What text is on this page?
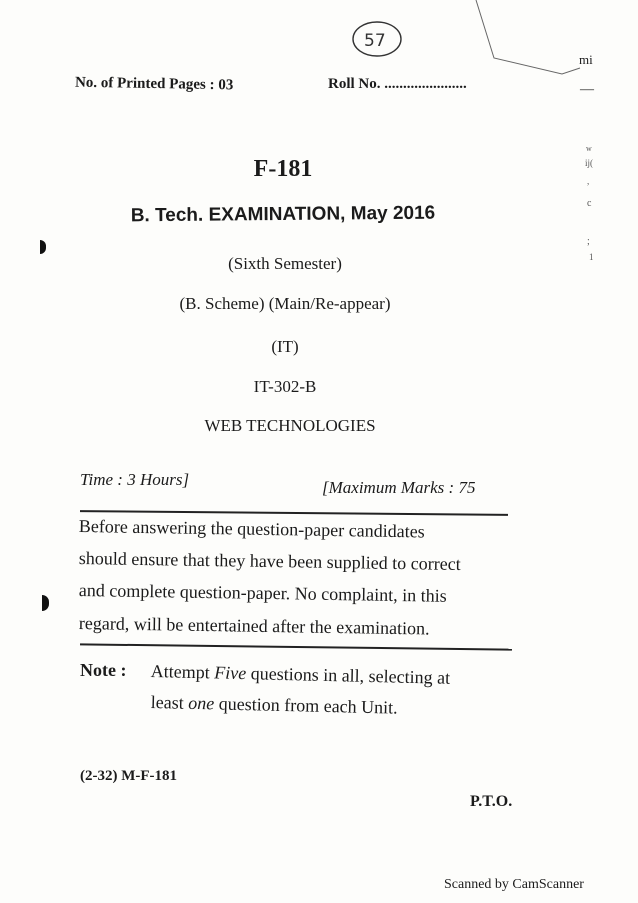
No. of Printed Pages : 03	Roll No. ......................
57
mi
—
w
ij(
,
c
;
1
F-181
B. Tech. EXAMINATION, May 2016
(Sixth Semester)
(B. Scheme) (Main/Re-appear)
(IT)
IT-302-B
WEB TECHNOLOGIES
Time : 3 Hours]	[Maximum Marks : 75
Before answering the question-paper candidates
should ensure that they have been supplied to correct
and complete question-paper. No complaint, in this
regard, will be entertained after the examination.
Note : Attempt Five questions in all, selecting at
least one question from each Unit.
(2-32) M-F-181
P.T.O.
Scanned by CamScanner
